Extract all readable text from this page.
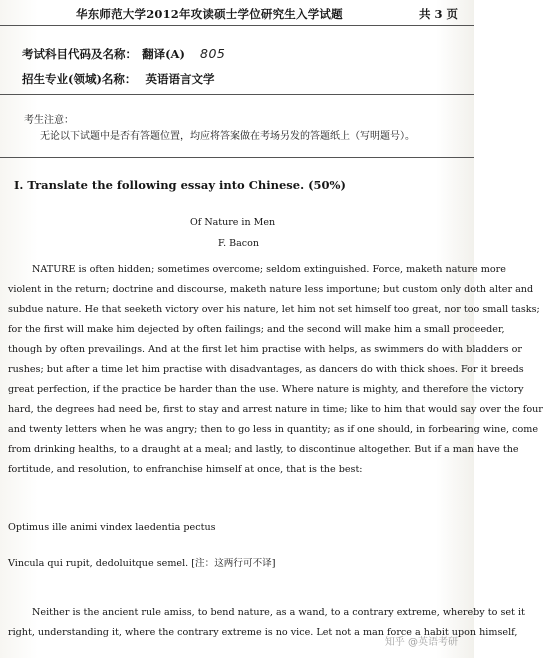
华东师范大学2012年攻读硕士学位研究生入学试题	共 3 页
考试科目代码及名称： 翻译(A) 805
招生专业(领域)名称： 英语语言文学
考生注意：
无论以下试题中是否有答题位置，均应将答案做在考场另发的答题纸上（写明题号）。
I. Translate the following essay into Chinese. (50%)
Of Nature in Men
F. Bacon
NATURE is often hidden; sometimes overcome; seldom extinguished. Force, maketh nature more
violent in the return; doctrine and discourse, maketh nature less importune; but custom only doth alter and
subdue nature. He that seeketh victory over his nature, let him not set himself too great, nor too small tasks;
for the first will make him dejected by often failings; and the second will make him a small proceeder,
though by often prevailings. And at the first let him practise with helps, as swimmers do with bladders or
rushes; but after a time let him practise with disadvantages, as dancers do with thick shoes. For it breeds
great perfection, if the practice be harder than the use. Where nature is mighty, and therefore the victory
hard, the degrees had need be, first to stay and arrest nature in time; like to him that would say over the four
and twenty letters when he was angry; then to go less in quantity; as if one should, in forbearing wine, come
from drinking healths, to a draught at a meal; and lastly, to discontinue altogether. But if a man have the
fortitude, and resolution, to enfranchise himself at once, that is the best:
Optimus ille animi vindex laedentia pectus
Vincula qui rupit, dedoluitque semel. [注：这两行可不译]
Neither is the ancient rule amiss, to bend nature, as a wand, to a contrary extreme, whereby to set it
right, understanding it, where the contrary extreme is no vice. Let not a man force a habit upon himself,
知乎 @英语考研
